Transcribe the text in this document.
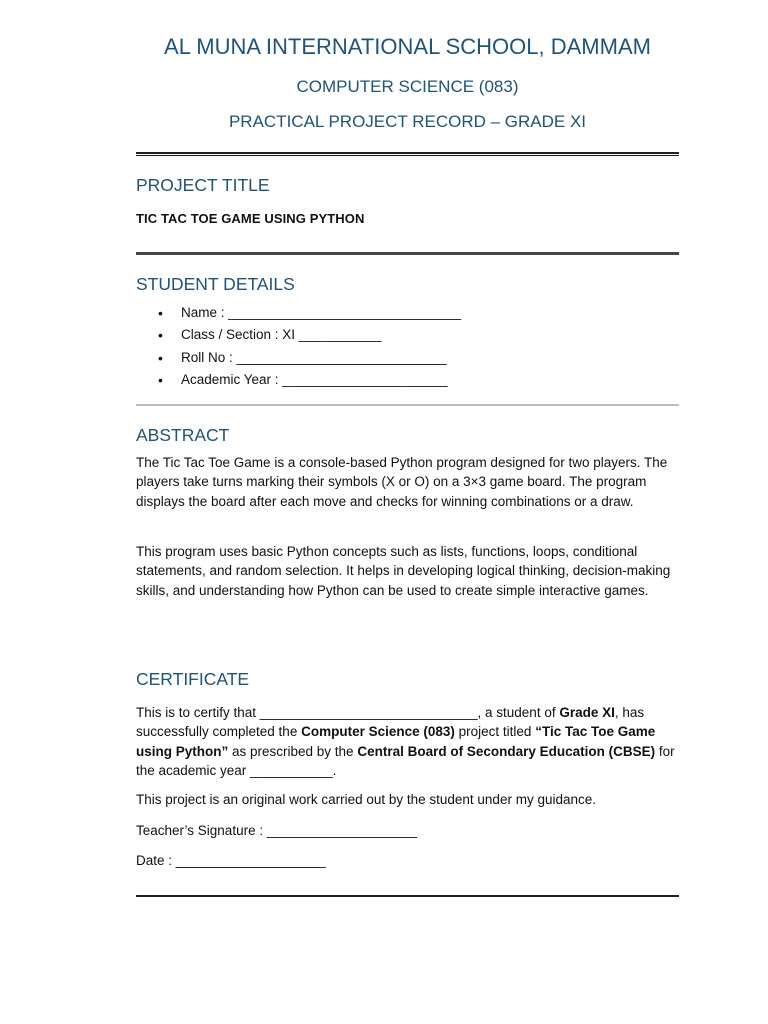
AL MUNA INTERNATIONAL SCHOOL, DAMMAM
COMPUTER SCIENCE (083)
PRACTICAL PROJECT RECORD – GRADE XI
PROJECT TITLE
TIC TAC TOE GAME USING PYTHON
STUDENT DETAILS
• Name : _______________________________
• Class / Section : XI ___________
• Roll No : ____________________________
• Academic Year : ______________________
ABSTRACT

The Tic Tac Toe Game is a console-based Python program designed for two players. The players take turns marking their symbols (X or O) on a 3×3 game board. The program displays the board after each move and checks for winning combinations or a draw.

This program uses basic Python concepts such as lists, functions, loops, conditional statements, and random selection. It helps in developing logical thinking, decision-making skills, and understanding how Python can be used to create simple interactive games.

CERTIFICATE

This is to certify that _____________________________, a student of Grade XI, has successfully completed the Computer Science (083) project titled “Tic Tac Toe Game using Python” as prescribed by the Central Board of Secondary Education (CBSE) for the academic year ___________.

This project is an original work carried out by the student under my guidance.
Teacher’s Signature : ____________________
Date : ____________________
